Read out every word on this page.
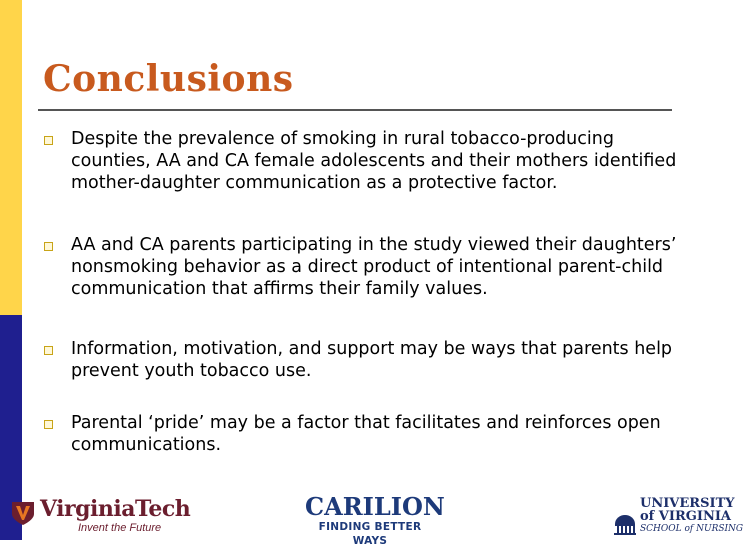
Conclusions
Despite the prevalence of smoking in rural tobacco-producing counties, AA and CA female adolescents and their mothers identified mother-daughter communication as a protective factor.
AA and CA parents participating in the study viewed their daughters’ nonsmoking behavior as a direct product of intentional parent-child communication that affirms their family values.
Information, motivation, and support may be ways that parents help prevent youth tobacco use.
Parental ‘pride’ may be a factor that facilitates and reinforces open communications.
VirginiaTech
Invent the Future
CARILION
FINDING BETTER WAYS
UNIVERSITY
of VIRGINIA
SCHOOL of NURSING
